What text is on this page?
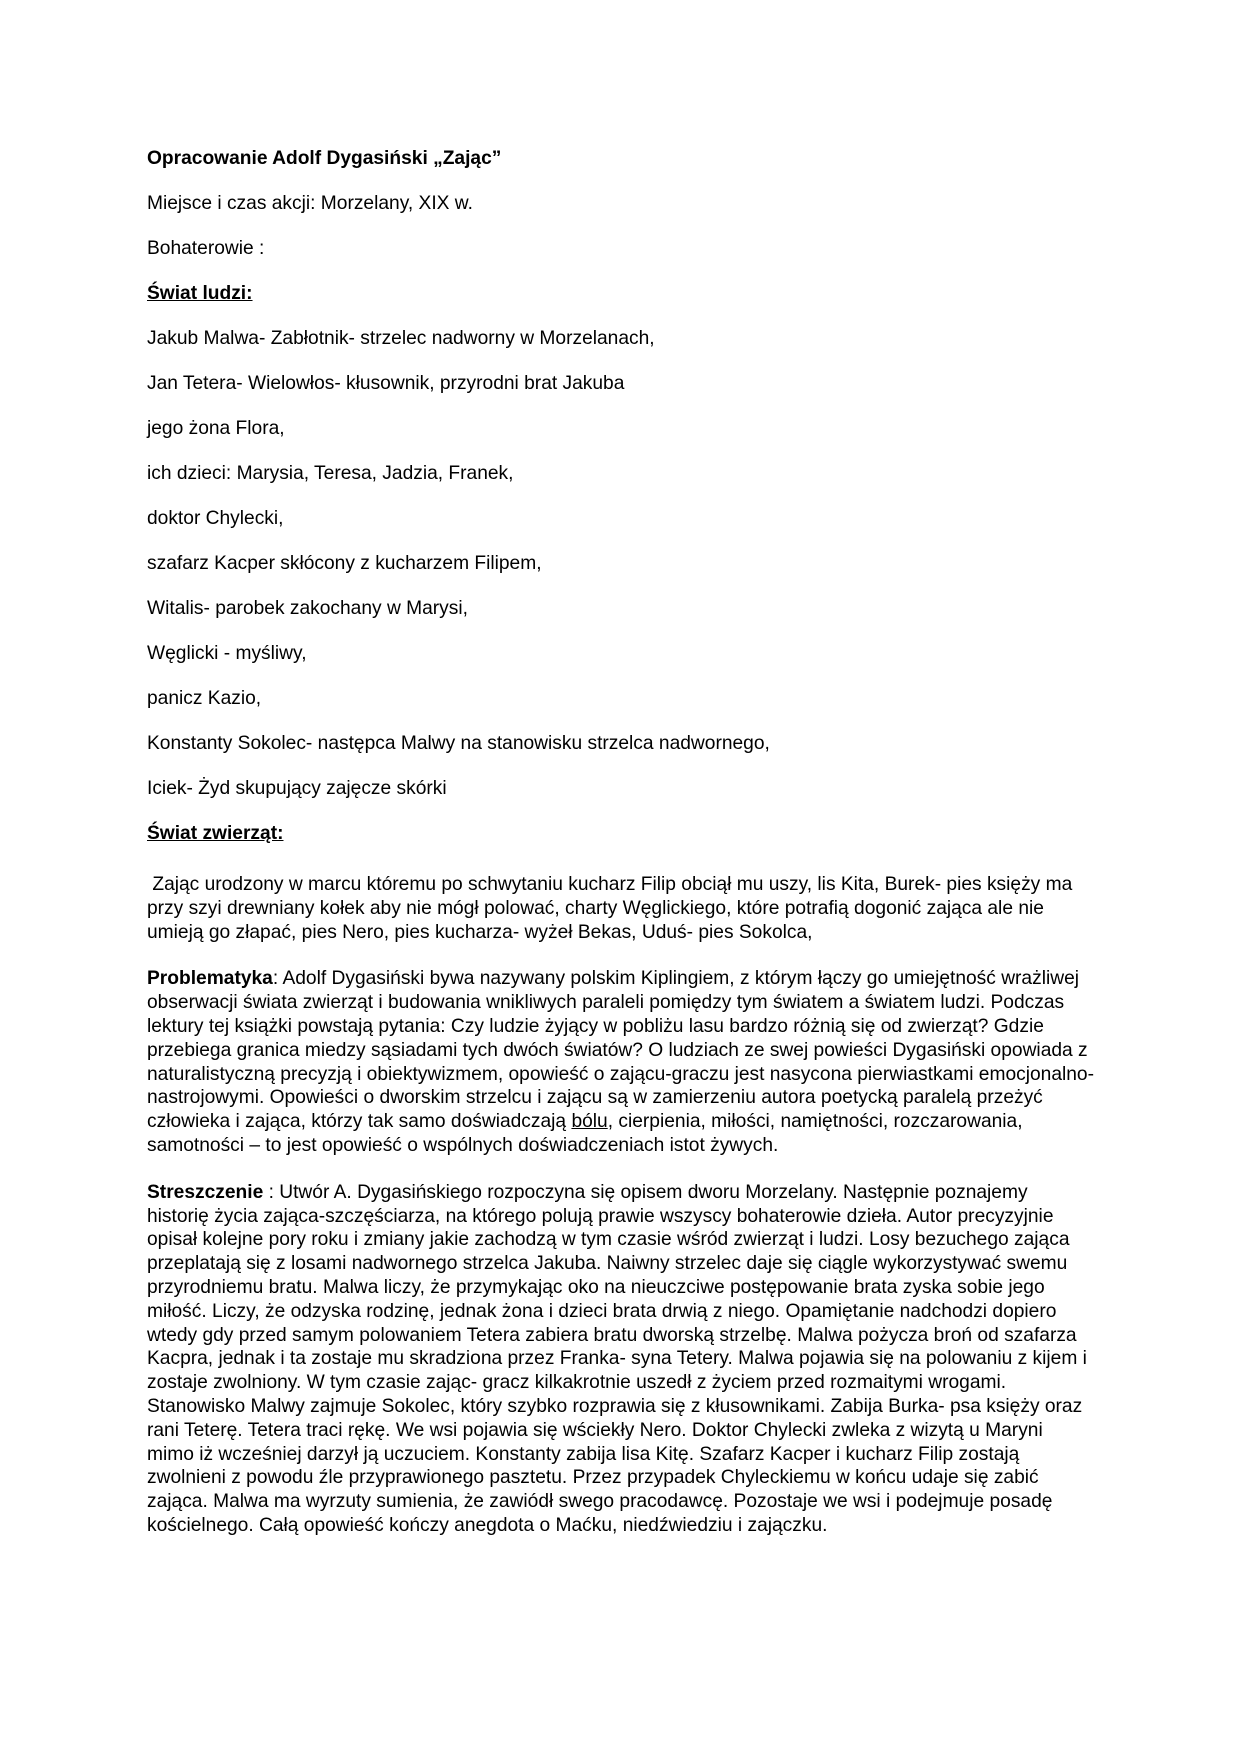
Opracowanie Adolf Dygasiński „Zając”

Miejsce i czas akcji: Morzelany, XIX w.

Bohaterowie :

Świat ludzi:

Jakub Malwa- Zabłotnik- strzelec nadworny w Morzelanach,

Jan Tetera- Wielowłos- kłusownik, przyrodni brat Jakuba

jego żona Flora,

ich dzieci: Marysia, Teresa, Jadzia, Franek,

doktor Chylecki,

szafarz Kacper skłócony z kucharzem Filipem,

Witalis- parobek zakochany w Marysi,

Węglicki - myśliwy,

panicz Kazio,

Konstanty Sokolec- następca Malwy na stanowisku strzelca nadwornego,

Iciek- Żyd skupujący zajęcze skórki

Świat zwierząt:

Zając urodzony w marcu któremu po schwytaniu kucharz Filip obciął mu uszy, lis Kita, Burek- pies księży ma przy szyi drewniany kołek aby nie mógł polować, charty Węglickiego, które potrafią dogonić zająca ale nie umieją go złapać, pies Nero, pies kucharza- wyżeł Bekas, Uduś- pies Sokolca,

Problematyka: Adolf Dygasiński bywa nazywany polskim Kiplingiem, z którym łączy go umiejętność wrażliwej obserwacji świata zwierząt i budowania wnikliwych paraleli pomiędzy tym światem a światem ludzi. Podczas lektury tej książki powstają pytania: Czy ludzie żyjący w pobliżu lasu bardzo różnią się od zwierząt? Gdzie przebiega granica miedzy sąsiadami tych dwóch światów? O ludziach ze swej powieści Dygasiński opowiada z naturalistyczną precyzją i obiektywizmem, opowieść o zającu-graczu jest nasycona pierwiastkami emocjonalno-nastrojowymi. Opowieści o dworskim strzelcu i zającu są w zamierzeniu autora poetycką paralelą przeżyć człowieka i zająca, którzy tak samo doświadczają bólu, cierpienia, miłości, namiętności, rozczarowania, samotności – to jest opowieść o wspólnych doświadczeniach istot żywych.

Streszczenie : Utwór A. Dygasińskiego rozpoczyna się opisem dworu Morzelany. Następnie poznajemy historię życia zająca-szczęściarza, na którego polują prawie wszyscy bohaterowie dzieła. Autor precyzyjnie opisał kolejne pory roku i zmiany jakie zachodzą w tym czasie wśród zwierząt i ludzi. Losy bezuchego zająca przeplatają się z losami nadwornego strzelca Jakuba. Naiwny strzelec daje się ciągle wykorzystywać swemu przyrodniemu bratu. Malwa liczy, że przymykając oko na nieuczciwe postępowanie brata zyska sobie jego miłość. Liczy, że odzyska rodzinę, jednak żona i dzieci brata drwią z niego. Opamiętanie nadchodzi dopiero wtedy gdy przed samym polowaniem Tetera zabiera bratu dworską strzelbę. Malwa pożycza broń od szafarza Kacpra, jednak i ta zostaje mu skradziona przez Franka- syna Tetery. Malwa pojawia się na polowaniu z kijem i zostaje zwolniony. W tym czasie zając- gracz kilkakrotnie uszedł z życiem przed rozmaitymi wrogami. Stanowisko Malwy zajmuje Sokolec, który szybko rozprawia się z kłusownikami. Zabija Burka- psa księży oraz rani Teterę. Tetera traci rękę. We wsi pojawia się wściekły Nero. Doktor Chylecki zwleka z wizytą u Maryni mimo iż wcześniej darzył ją uczuciem. Konstanty zabija lisa Kitę. Szafarz Kacper i kucharz Filip zostają zwolnieni z powodu źle przyprawionego pasztetu. Przez przypadek Chyleckiemu w końcu udaje się zabić zająca. Malwa ma wyrzuty sumienia, że zawiódł swego pracodawcę. Pozostaje we wsi i podejmuje posadę kościelnego. Całą opowieść kończy anegdota o Maćku, niedźwiedziu i zajączku.
